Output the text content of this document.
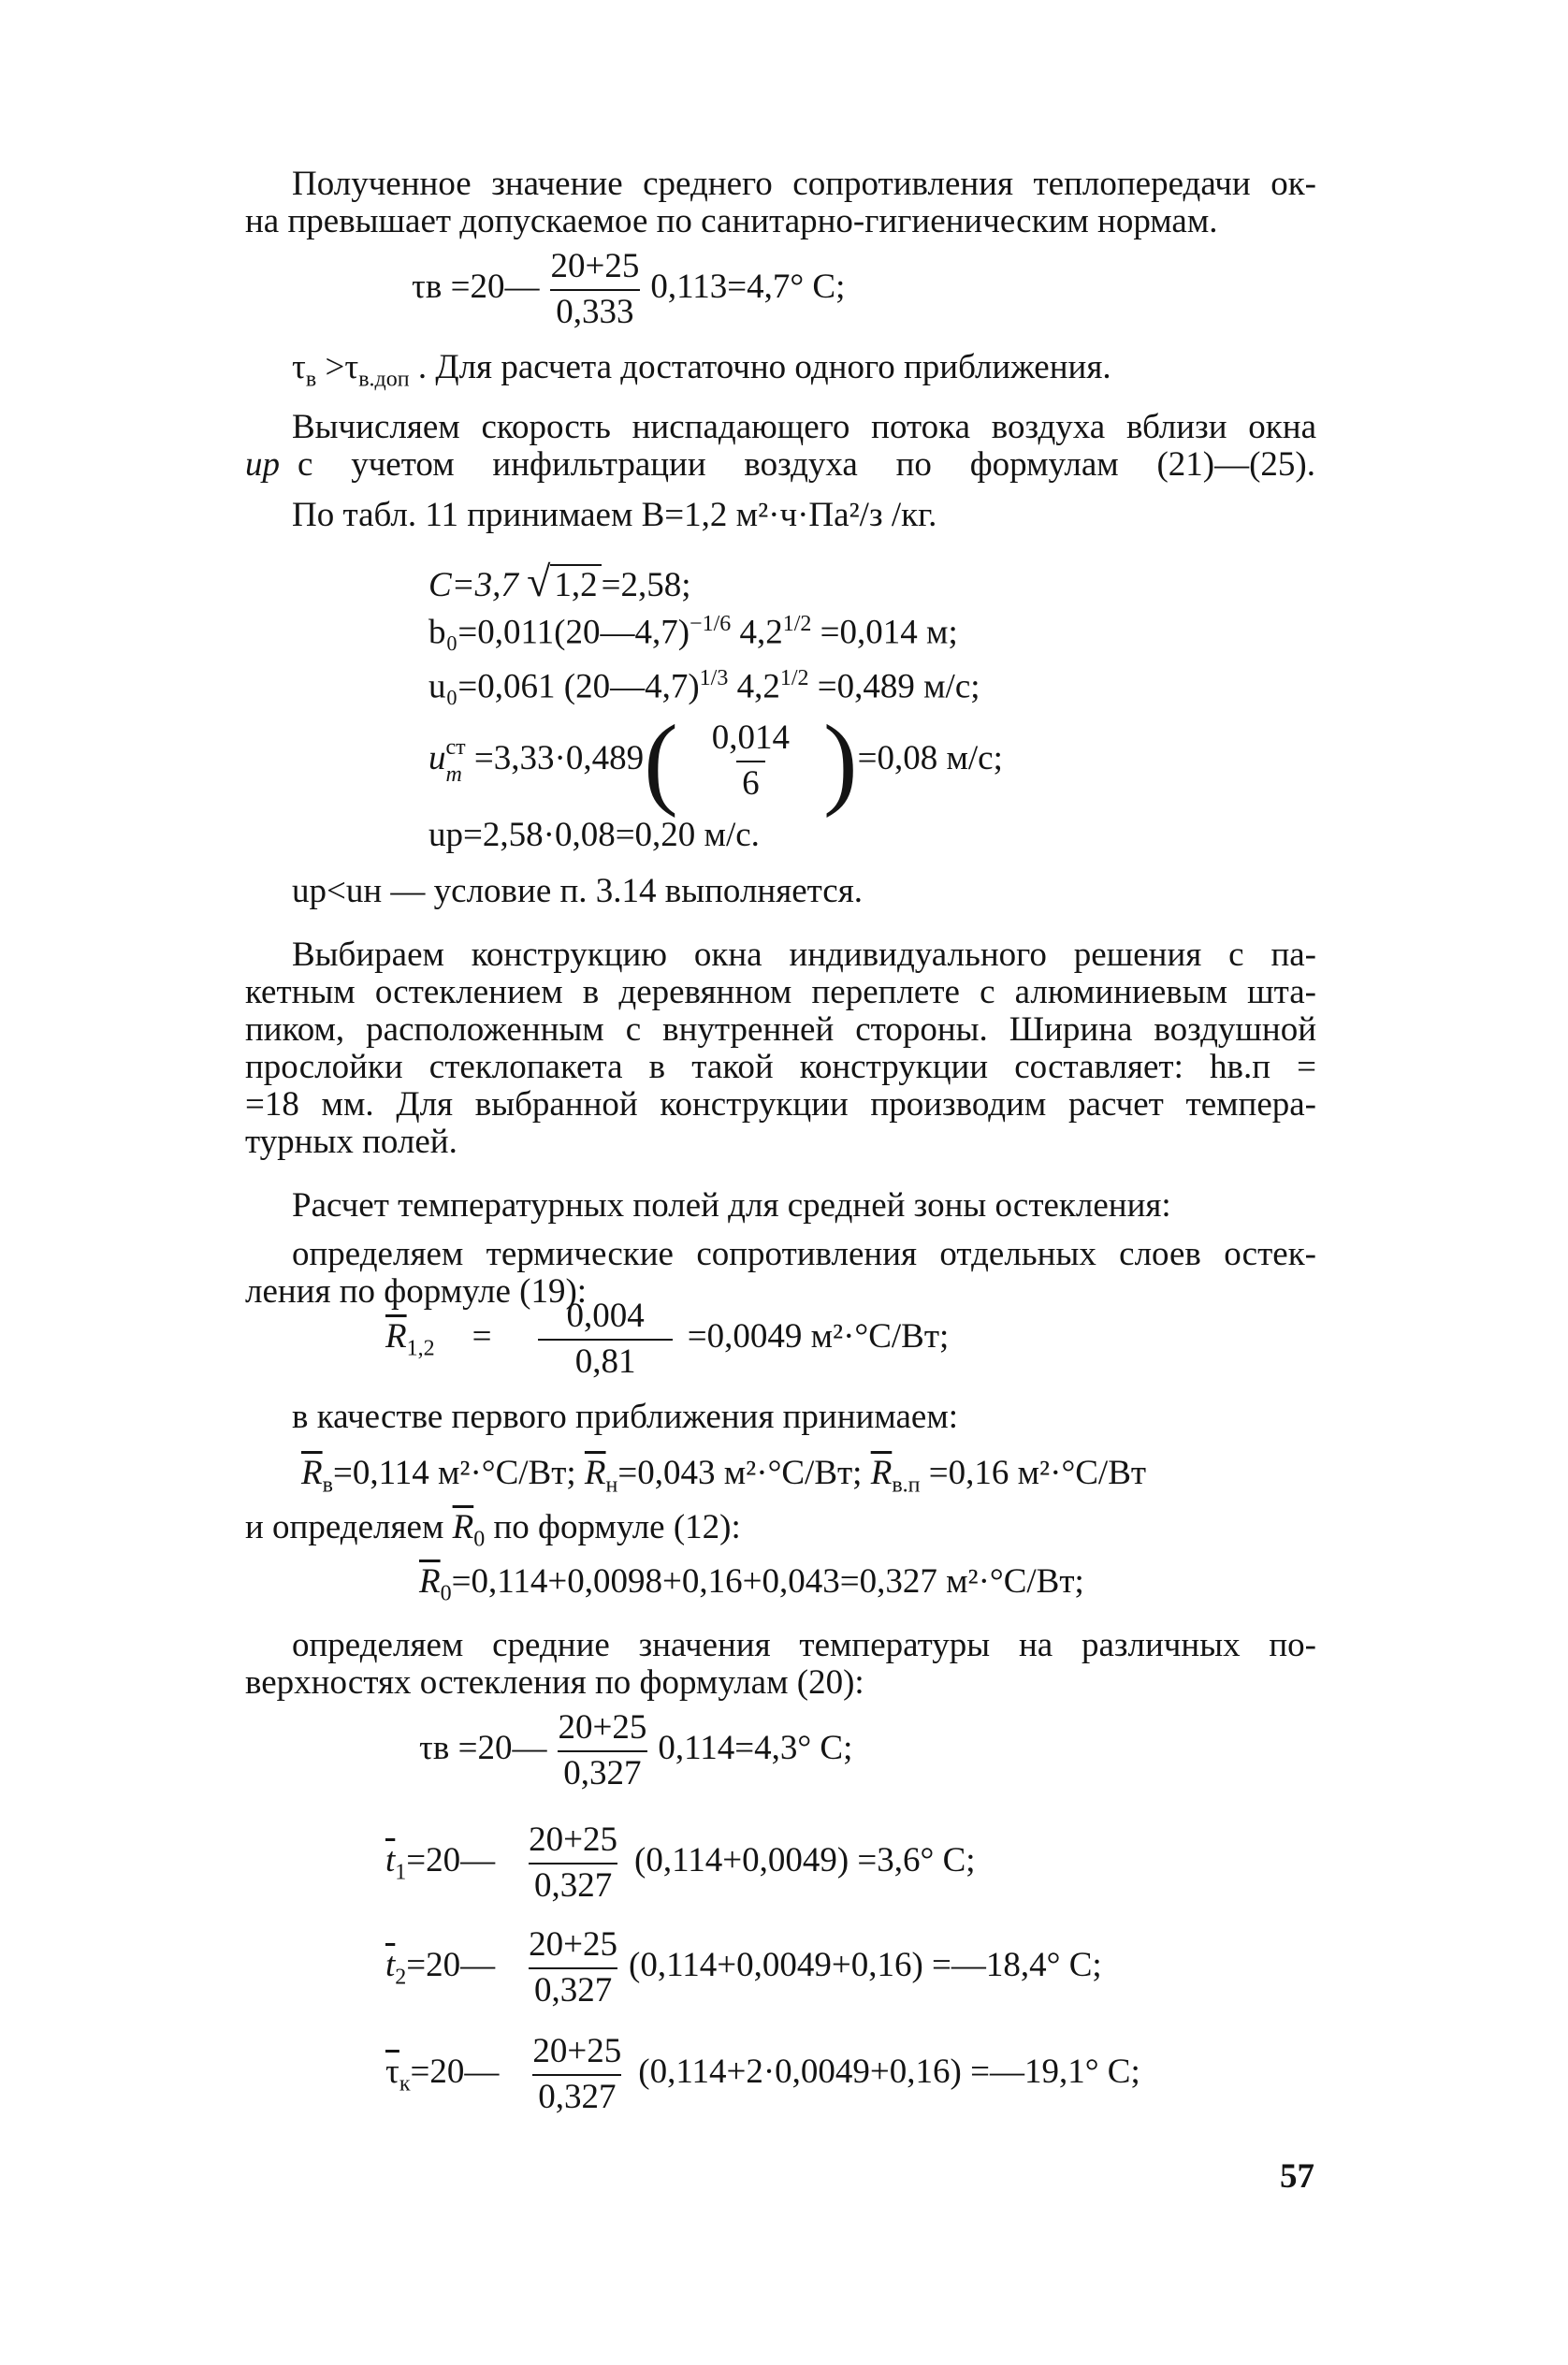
Полученное значение среднего сопротивления теплопередачи ок-
на превышает допускаемое по санитарно-гигиеническим нормам.
τв =20— $\frac{20+25}{0,333} 0,113=4,7^\circ$ C;
$\tau_в >\tau_{в.доп}$ . Для расчета достаточно одного приближения.
Вычисляем скорость ниспадающего потока воздуха вблизи окна
uр с учетом инфильтрации воздуха по формулам (21)—(25).
По табл. 11 принимаем B=1,2 м²·ч·Па²/з /кг.
C=3,7 √ 1,2 =2,58;
b₀=0,011(20—4,7)$^{-1/6}$ $4,2^{1/2} =0,014$ м;
u₀=0,061 (20—4,7)$^{1/3}$ $4,2^{1/2} =0,489$ м/с;
u ст
$m =3,33\cdot 0,489( \frac{0,014}{6} )=0,08$ м/с;
uр=2,58·0,08=0,20 м/с.
uр<uн — условие п. 3.14 выполняется.
Выбираем конструкцию окна индивидуального решения с па-
кетным остеклением в деревянном переплете с алюминиевым шта-
пиком, расположенным с внутренней стороны. Ширина воздушной
прослойки стеклопакета в такой конструкции составляет: hв.п =
=18 мм. Для выбранной конструкции производим расчет темпера-
турных полей.
Расчет температурных полей для средней зоны остекления:
определяем термические сопротивления отдельных слоев остек-
ления по формуле (19):
$\overline{R}_{1,2} = \frac{0,004}{0,81} =0,0049$ м²·°C/Вт;
в качестве первого приближения принимаем:
$\overline{R}_в=0,114$ м²·°C/Вт; $\overline{R}_н=0,043$ м²·°C/Вт; $\overline{R}_{в.п} =0,16$ м²·°C/Вт
и определяем $\overline{R}_0$ по формуле (12):
$\overline{R}_0=0,114+0,0098+0,16+0,043=0,327$ м²·°C/Вт;
определяем средние значения температуры на различных по-
верхностях остекления по формулам (20):
τв =20— $\frac{20+25}{0,327} 0,114=4,3^\circ$ C;
$\overline{t}_1=20— \frac{20+25}{0,327} (0,114+0,0049) =3,6^\circ$ C;
$\overline{t}_2=20— \frac{20+25}{0,327} (0,114+0,0049+0,16)$ =—18,4° C;
$\overline{\tau}_к=20— \frac{20+25}{0,327} (0,114+2\cdot 0,0049+0,16)$ =—19,1° C;
57
